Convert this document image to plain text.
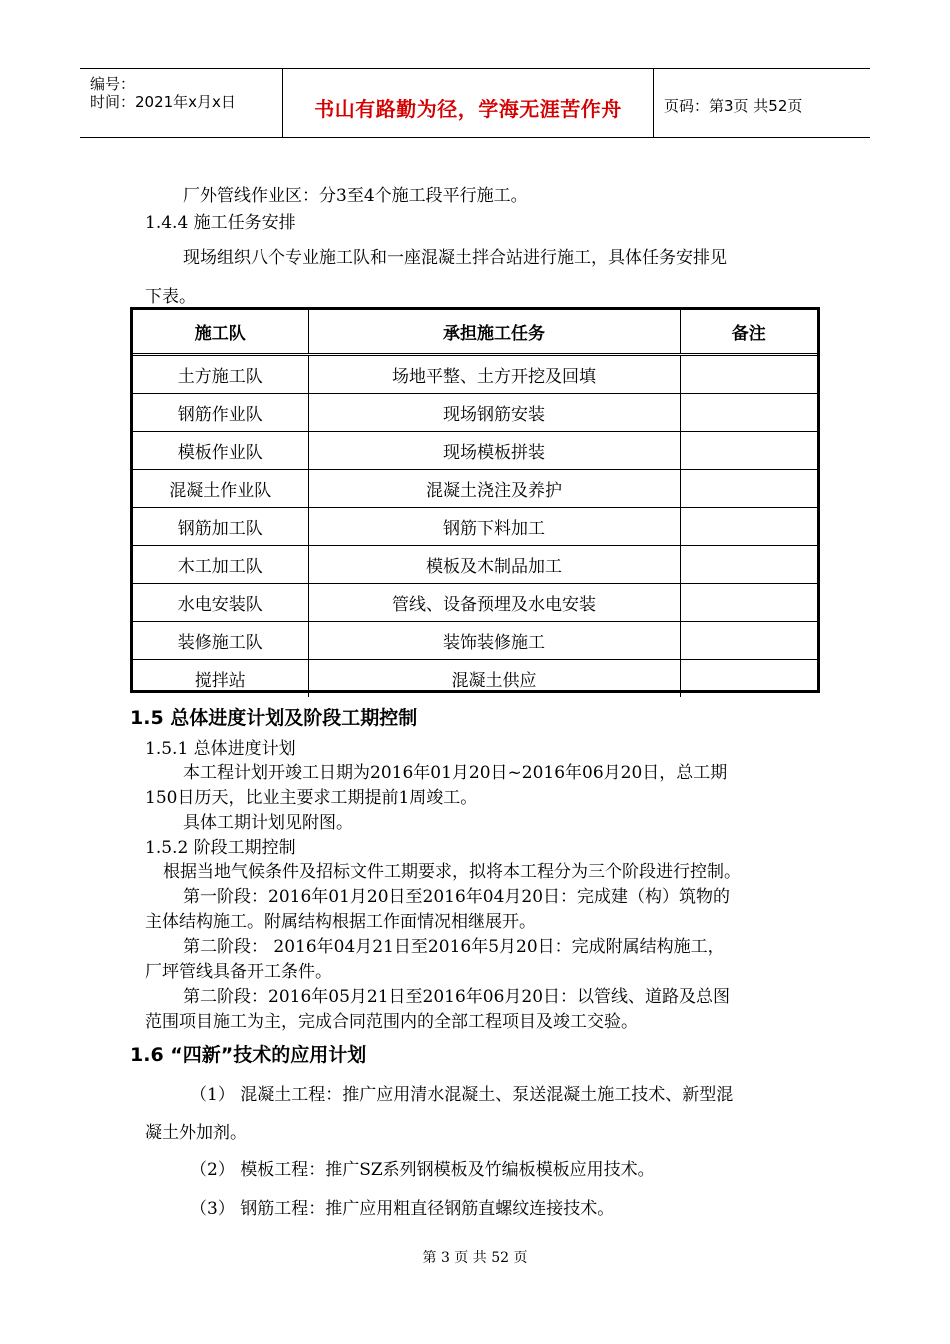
编号：
时间：2021年x月x日	书山有路勤为径，学海无涯苦作舟	页码：第3页 共52页
厂外管线作业区：分3至4个施工段平行施工。
1.4.4 施工任务安排
现场组织八个专业施工队和一座混凝土拌合站进行施工，具体任务安排见
下表。
施工队	承担施工任务	备注
土方施工队	场地平整、土方开挖及回填	
钢筋作业队	现场钢筋安装	
模板作业队	现场模板拼装	
混凝土作业队	混凝土浇注及养护	
钢筋加工队	钢筋下料加工	
木工加工队	模板及木制品加工	
水电安装队	管线、设备预埋及水电安装	
装修施工队	装饰装修施工	
搅拌站	混凝土供应	
1.5 总体进度计划及阶段工期控制
1.5.1 总体进度计划
本工程计划开竣工日期为2016年01月20日~2016年06月20日，总工期
150日历天，比业主要求工期提前1周竣工。
具体工期计划见附图。
1.5.2 阶段工期控制
根据当地气候条件及招标文件工期要求，拟将本工程分为三个阶段进行控制。
第一阶段：2016年01月20日至2016年04月20日：完成建（构）筑物的
主体结构施工。附属结构根据工作面情况相继展开。
第二阶段： 2016年04月21日至2016年5月20日：完成附属结构施工，
厂坪管线具备开工条件。
第二阶段：2016年05月21日至2016年06月20日：以管线、道路及总图
范围项目施工为主，完成合同范围内的全部工程项目及竣工交验。
1.6 “四新”技术的应用计划
（1） 混凝土工程：推广应用清水混凝土、泵送混凝土施工技术、新型混
凝土外加剂。
（2） 模板工程：推广SZ系列钢模板及竹编板模板应用技术。
（3） 钢筋工程：推广应用粗直径钢筋直螺纹连接技术。
第 3 页 共 52 页
